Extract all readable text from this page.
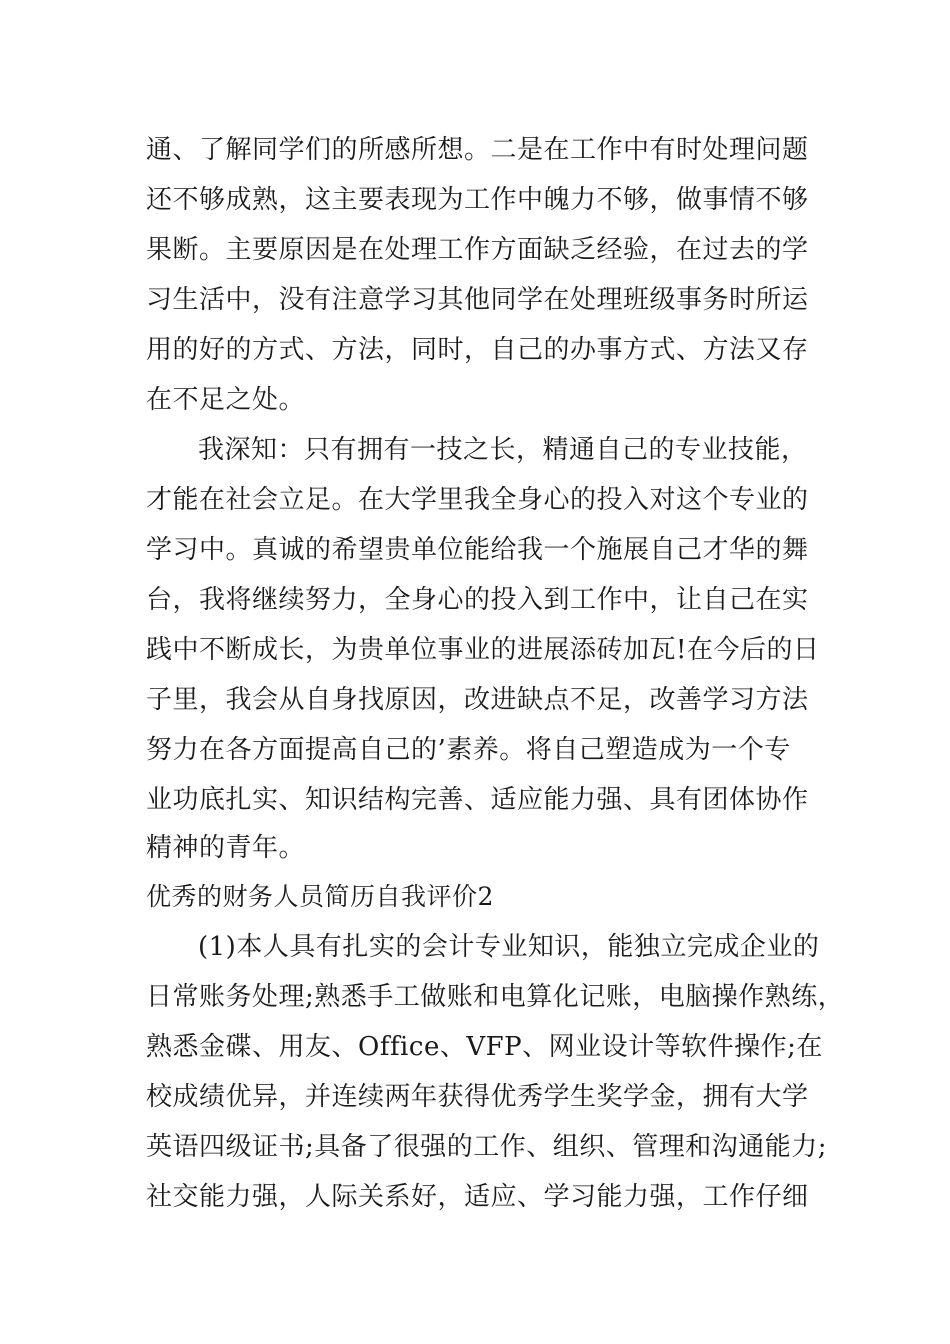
通、了解同学们的所感所想。二是在工作中有时处理问题

还不够成熟，这主要表现为工作中魄力不够，做事情不够

果断。主要原因是在处理工作方面缺乏经验，在过去的学

习生活中，没有注意学习其他同学在处理班级事务时所运

用的好的方式、方法，同时，自己的办事方式、方法又存

在不足之处。

我深知：只有拥有一技之长，精通自己的专业技能，

才能在社会立足。在大学里我全身心的投入对这个专业的

学习中。真诚的希望贵单位能给我一个施展自己才华的舞

台，我将继续努力，全身心的投入到工作中，让自己在实

践中不断成长，为贵单位事业的进展添砖加瓦!在今后的日

子里，我会从自身找原因，改进缺点不足，改善学习方法

努力在各方面提高自己的’素养。将自己塑造成为一个专

业功底扎实、知识结构完善、适应能力强、具有团体协作

精神的青年。

优秀的财务人员简历自我评价2

(1)本人具有扎实的会计专业知识，能独立完成企业的

日常账务处理;熟悉手工做账和电算化记账，电脑操作熟练，

熟悉金碟、用友、Office、VFP、网业设计等软件操作;在

校成绩优异，并连续两年获得优秀学生奖学金，拥有大学

英语四级证书;具备了很强的工作、组织、管理和沟通能力;

社交能力强，人际关系好，适应、学习能力强，工作仔细
